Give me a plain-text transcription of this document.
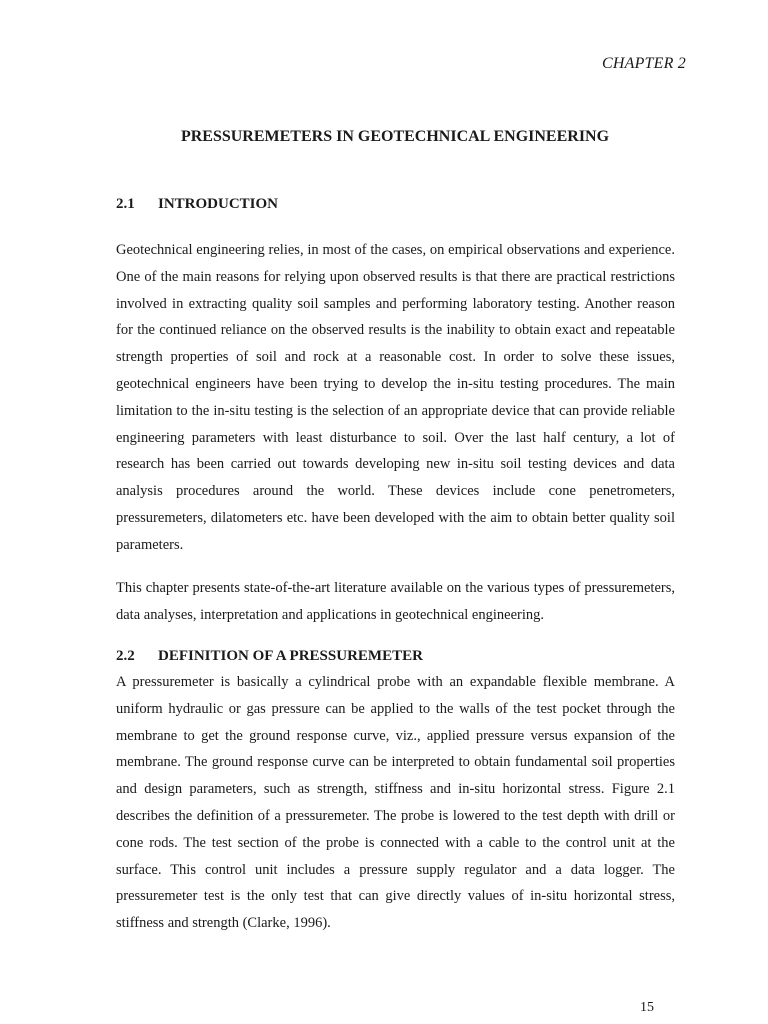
CHAPTER 2
PRESSUREMETERS IN GEOTECHNICAL ENGINEERING
2.1	INTRODUCTION

Geotechnical engineering relies, in most of the cases, on empirical observations and experience. One of the main reasons for relying upon observed results is that there are practical restrictions involved in extracting quality soil samples and performing laboratory testing. Another reason for the continued reliance on the observed results is the inability to obtain exact and repeatable strength properties of soil and rock at a reasonable cost. In order to solve these issues, geotechnical engineers have been trying to develop the in-situ testing procedures. The main limitation to the in-situ testing is the selection of an appropriate device that can provide reliable engineering parameters with least disturbance to soil. Over the last half century, a lot of research has been carried out towards developing new in-situ soil testing devices and data analysis procedures around the world. These devices include cone penetrometers, pressuremeters, dilatometers etc. have been developed with the aim to obtain better quality soil parameters.

This chapter presents state-of-the-art literature available on the various types of pressuremeters, data analyses, interpretation and applications in geotechnical engineering.

2.2	DEFINITION OF A PRESSUREMETER

A pressuremeter is basically a cylindrical probe with an expandable flexible membrane. A uniform hydraulic or gas pressure can be applied to the walls of the test pocket through the membrane to get the ground response curve, viz., applied pressure versus expansion of the membrane. The ground response curve can be interpreted to obtain fundamental soil properties and design parameters, such as strength, stiffness and in-situ horizontal stress. Figure 2.1 describes the definition of a pressuremeter. The probe is lowered to the test depth with drill or cone rods. The test section of the probe is connected with a cable to the control unit at the surface. This control unit includes a pressure supply regulator and a data logger. The pressuremeter test is the only test that can give directly values of in-situ horizontal stress, stiffness and strength (Clarke, 1996).

15
